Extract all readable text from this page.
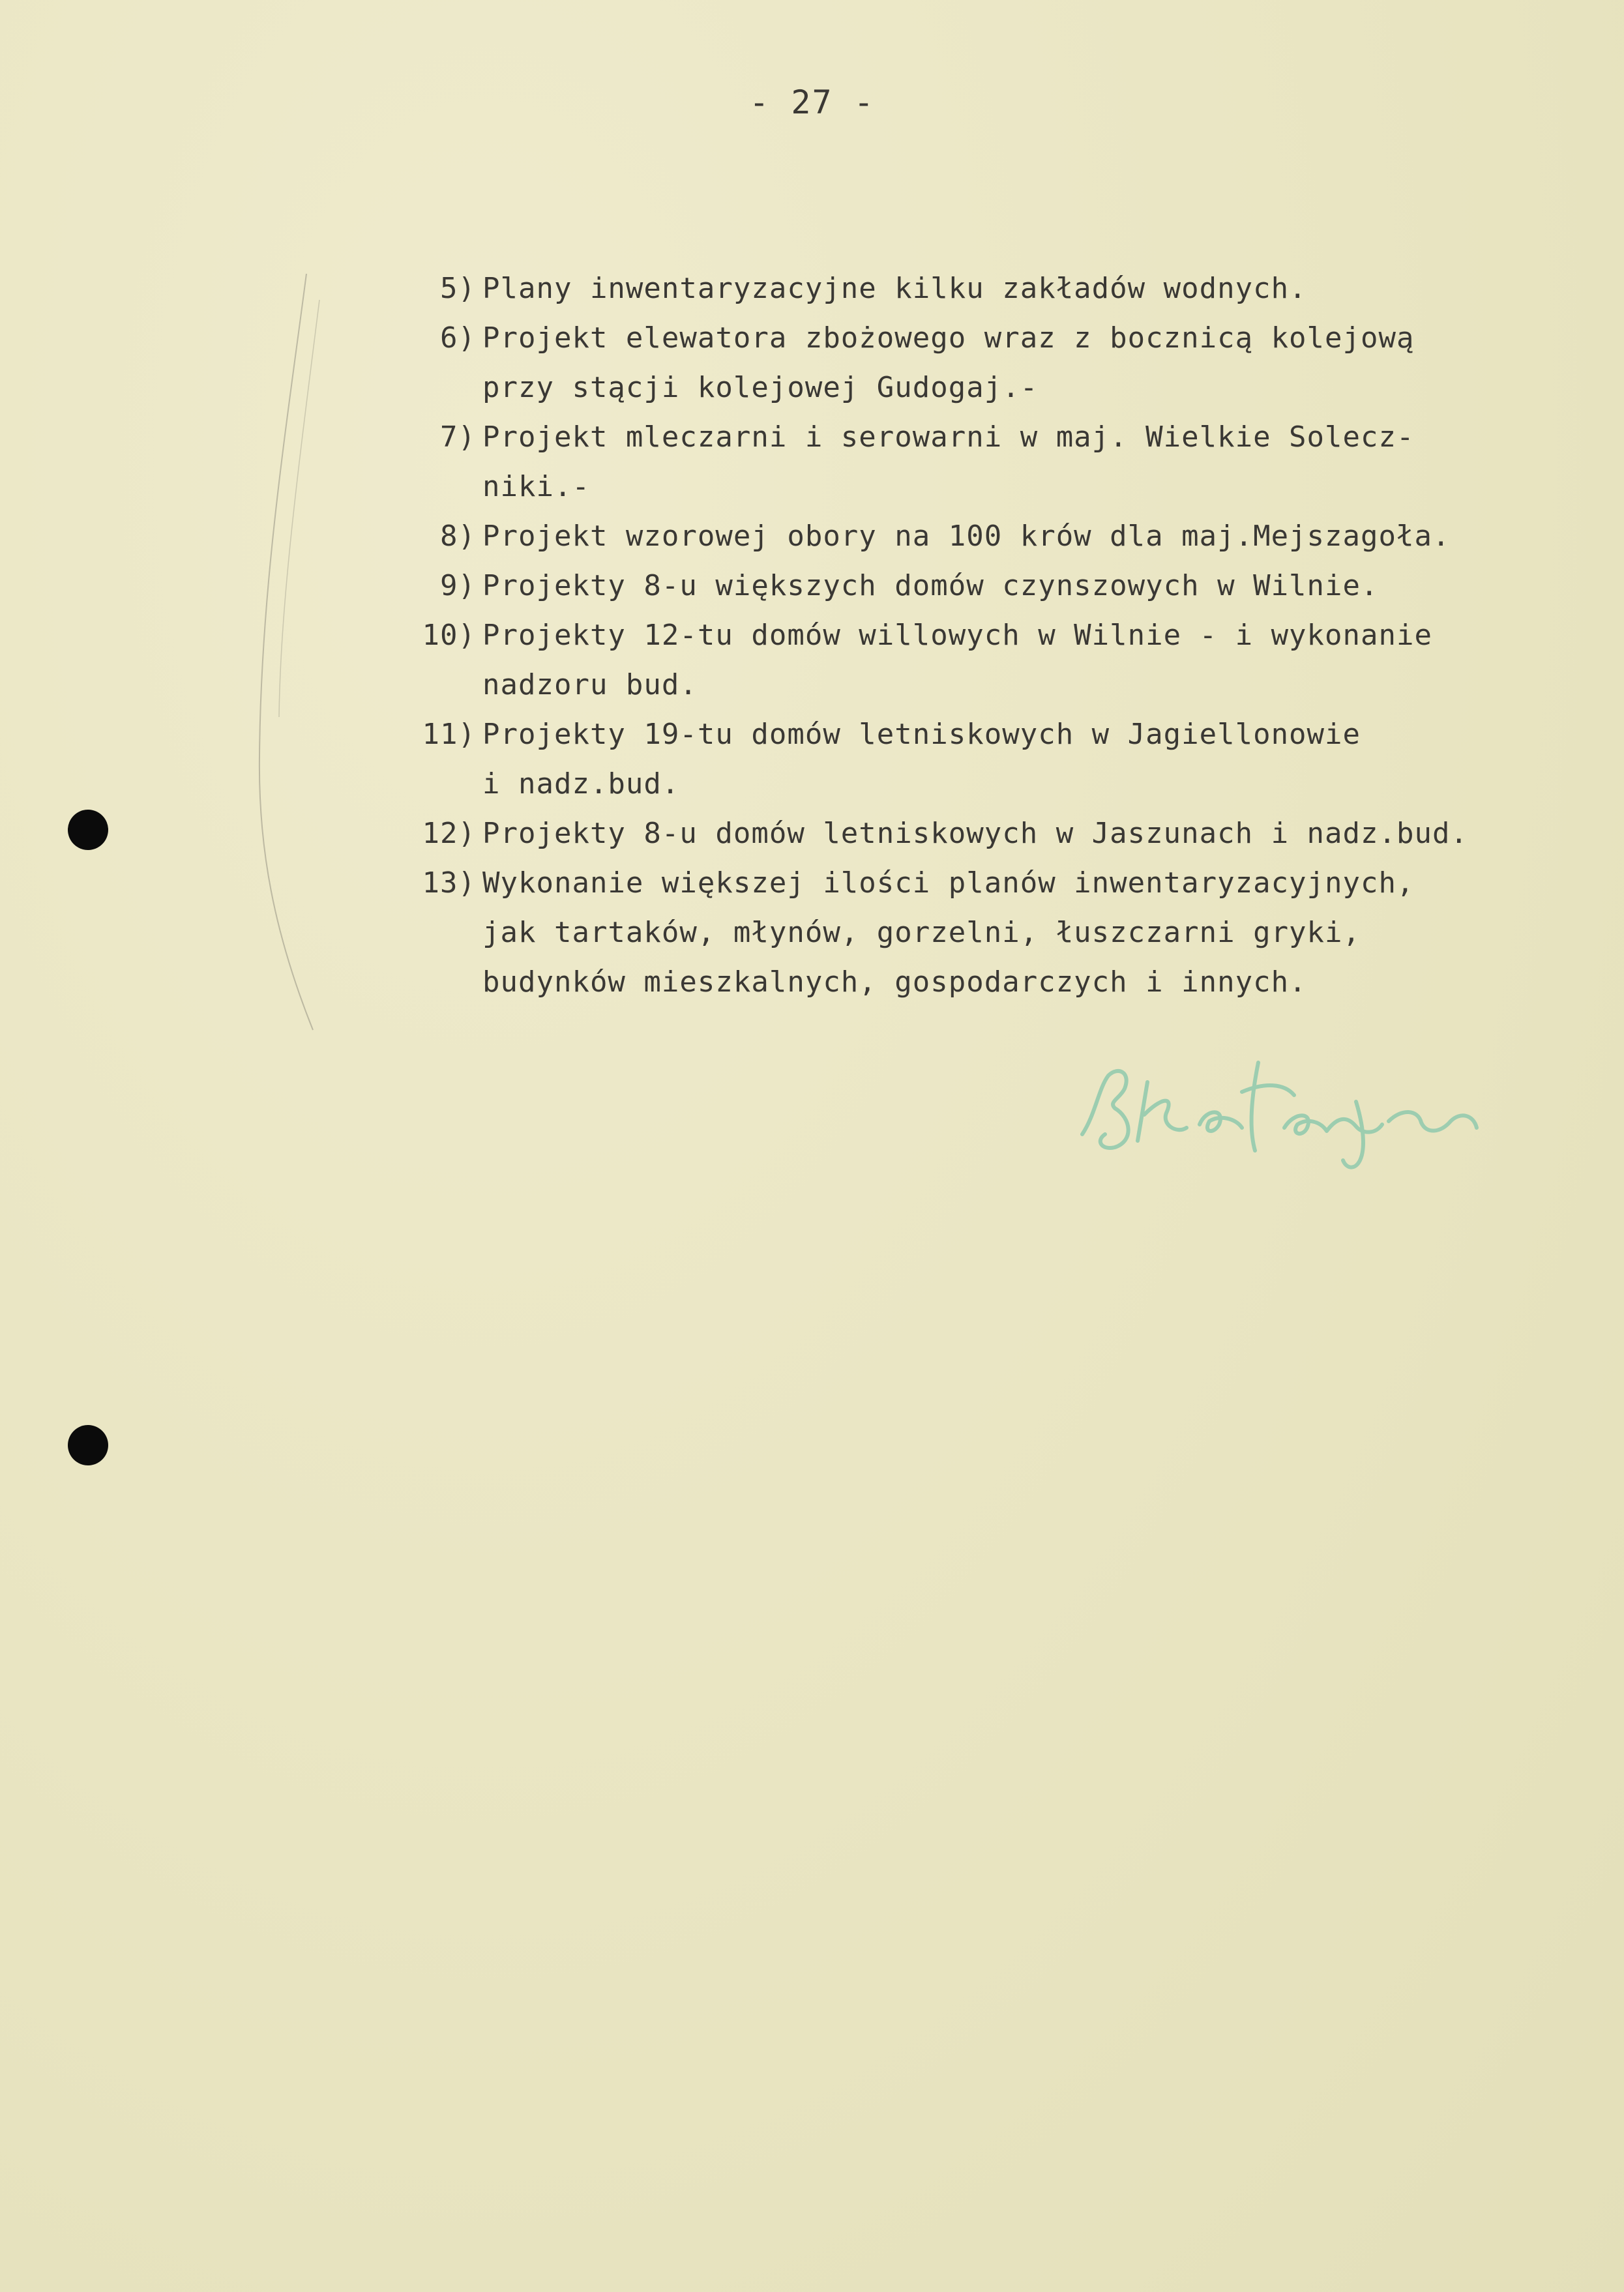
- 27 -
5) Plany inwentaryzacyjne kilku zakładów wodnych.
6) Projekt elewatora zbożowego wraz z bocznicą kolejową
przy stącji kolejowej Gudogaj.-
7) Projekt mleczarni i serowarni w maj. Wielkie Solecz-
niki.-
8) Projekt wzorowej obory na 100 krów dla maj.Mejszagoła.
9) Projekty 8-u większych domów czynszowych w Wilnie.
10) Projekty 12-tu domów willowych w Wilnie - i wykonanie
nadzoru bud.
11) Projekty 19-tu domów letniskowych w Jagiellonowie
i nadz.bud.
12) Projekty 8-u domów letniskowych w Jaszunach i nadz.bud.
13) Wykonanie większej ilości planów inwentaryzacyjnych,
jak tartaków, młynów, gorzelni, łuszczarni gryki,
budynków mieszkalnych, gospodarczych i innych.
